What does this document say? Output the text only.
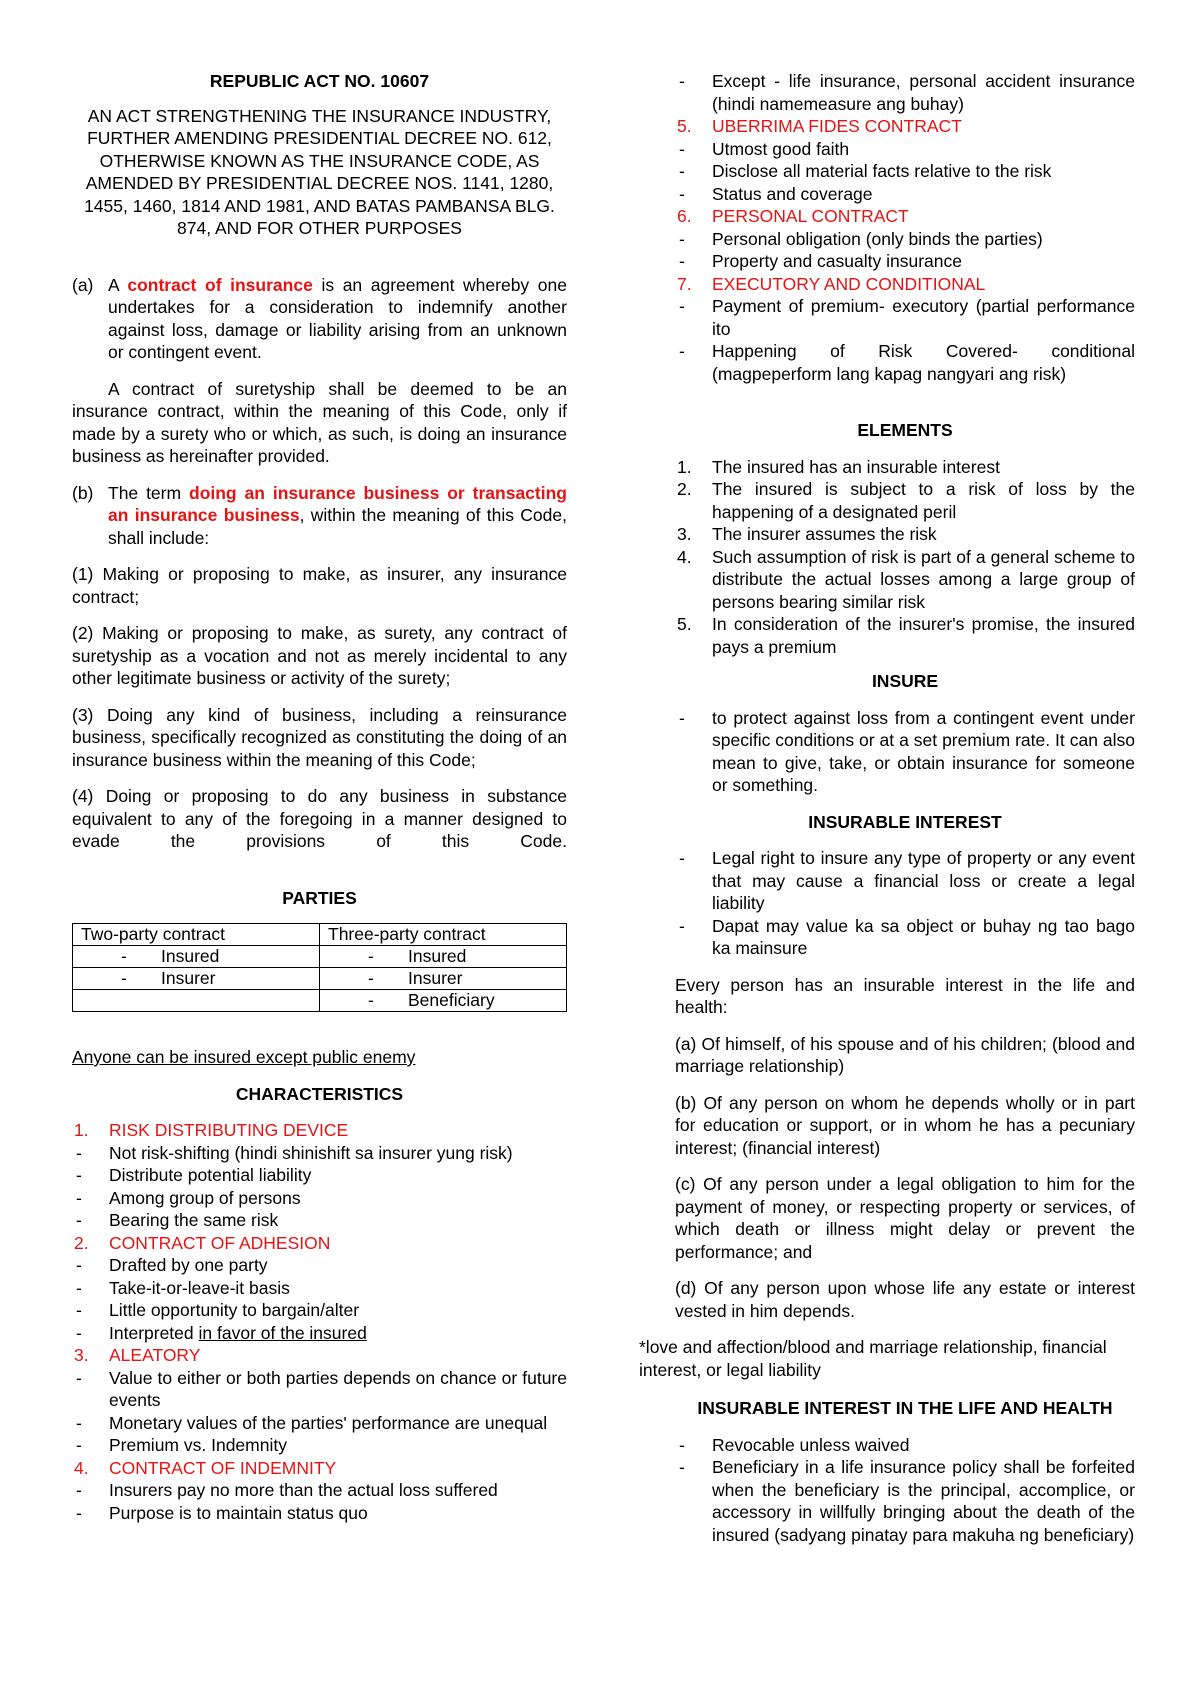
REPUBLIC ACT NO. 10607

AN ACT STRENGTHENING THE INSURANCE INDUSTRY, FURTHER AMENDING PRESIDENTIAL DECREE NO. 612, OTHERWISE KNOWN AS THE INSURANCE CODE, AS AMENDED BY PRESIDENTIAL DECREE NOS. 1141, 1280, 1455, 1460, 1814 AND 1981, AND BATAS PAMBANSA BLG. 874, AND FOR OTHER PURPOSES

(a) A contract of insurance is an agreement whereby one undertakes for a consideration to indemnify another against loss, damage or liability arising from an unknown or contingent event.

A contract of suretyship shall be deemed to be an insurance contract, within the meaning of this Code, only if made by a surety who or which, as such, is doing an insurance business as hereinafter provided.

(b) The term doing an insurance business or transacting an insurance business, within the meaning of this Code, shall include:

(1) Making or proposing to make, as insurer, any insurance contract;

(2) Making or proposing to make, as surety, any contract of suretyship as a vocation and not as merely incidental to any other legitimate business or activity of the surety;

(3) Doing any kind of business, including a reinsurance business, specifically recognized as constituting the doing of an insurance business within the meaning of this Code;

(4) Doing or proposing to do any business in substance equivalent to any of the foregoing in a manner designed to evade the provisions of this Code.

PARTIES
Two-party contract	Three-party contract
- Insured	- Insured
- Insurer	- Insurer
	- Beneficiary

Anyone can be insured except public enemy

CHARACTERISTICS
1.	RISK DISTRIBUTING DEVICE
-	Not risk-shifting (hindi shinishift sa insurer yung risk)
-	Distribute potential liability
-	Among group of persons
-	Bearing the same risk
2.	CONTRACT OF ADHESION
-	Drafted by one party
-	Take-it-or-leave-it basis
-	Little opportunity to bargain/alter
-	Interpreted in favor of the insured
3.	ALEATORY
-	Value to either or both parties depends on chance or future events
-	Monetary values of the parties' performance are unequal
-	Premium vs. Indemnity
4.	CONTRACT OF INDEMNITY
-	Insurers pay no more than the actual loss suffered
-	Purpose is to maintain status quo
-	Except - life insurance, personal accident insurance (hindi namemeasure ang buhay)
5.	UBERRIMA FIDES CONTRACT
-	Utmost good faith
-	Disclose all material facts relative to the risk
-	Status and coverage
6.	PERSONAL CONTRACT
-	Personal obligation (only binds the parties)
-	Property and casualty insurance
7.	EXECUTORY AND CONDITIONAL
-	Payment of premium- executory (partial performance ito
-	Happening of Risk Covered- conditional (magpeperform lang kapag nangyari ang risk)
ELEMENTS
1.	The insured has an insurable interest
2.	The insured is subject to a risk of loss by the happening of a designated peril
3.	The insurer assumes the risk
4.	Such assumption of risk is part of a general scheme to distribute the actual losses among a large group of persons bearing similar risk
5.	In consideration of the insurer's promise, the insured pays a premium
INSURE
-	to protect against loss from a contingent event under specific conditions or at a set premium rate. It can also mean to give, take, or obtain insurance for someone or something.
INSURABLE INTEREST
-	Legal right to insure any type of property or any event that may cause a financial loss or create a legal liability
-	Dapat may value ka sa object or buhay ng tao bago ka mainsure

Every person has an insurable interest in the life and health:

(a) Of himself, of his spouse and of his children; (blood and marriage relationship)

(b) Of any person on whom he depends wholly or in part for education or support, or in whom he has a pecuniary interest; (financial interest)

(c) Of any person under a legal obligation to him for the payment of money, or respecting property or services, of which death or illness might delay or prevent the performance; and

(d) Of any person upon whose life any estate or interest vested in him depends.

*love and affection/blood and marriage relationship, financial interest, or legal liability

INSURABLE INTEREST IN THE LIFE AND HEALTH
-	Revocable unless waived
-	Beneficiary in a life insurance policy shall be forfeited when the beneficiary is the principal, accomplice, or accessory in willfully bringing about the death of the insured (sadyang pinatay para makuha ng beneficiary)
